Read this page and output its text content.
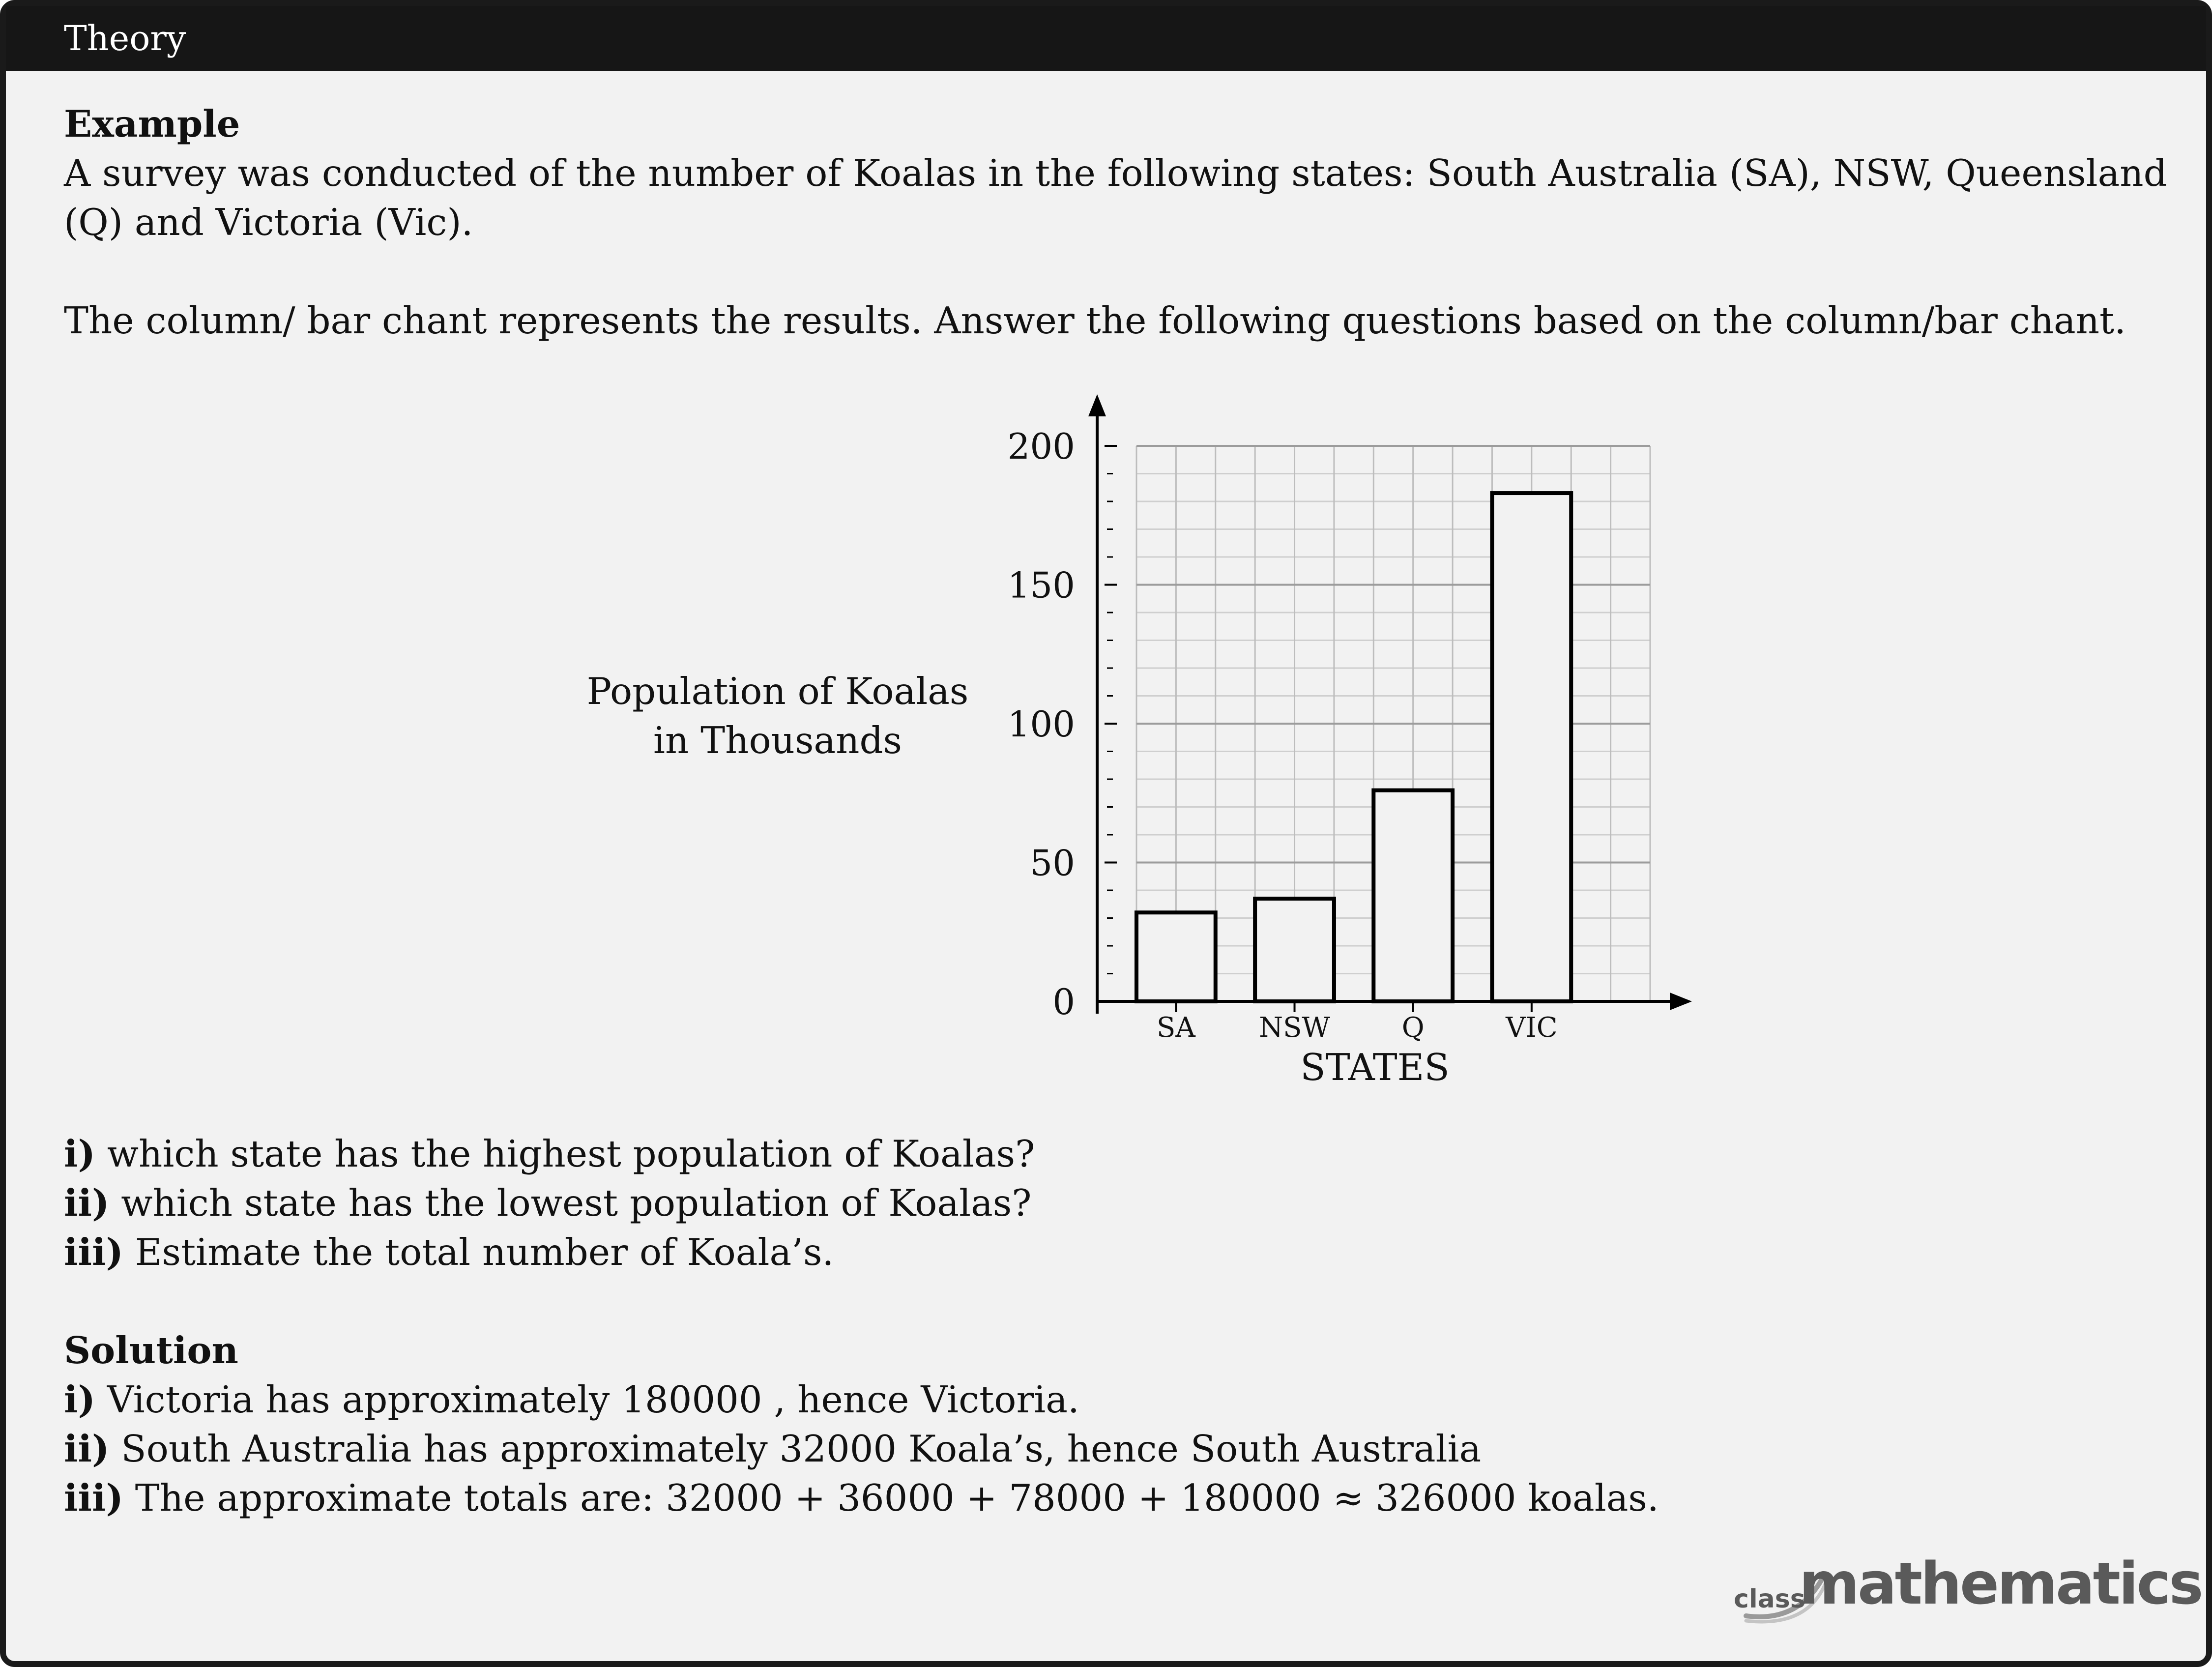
Theory
Example
A survey was conducted of the number of Koalas in the following states: South Australia (SA), NSW, Queensland (Q) and Victoria (Vic).
The column/ bar chant represents the results. Answer the following questions based on the column/bar chant.
0
50
100
150
200
SA NSW	Q	VIC
STATES
Population of Koalas
in Thousands
i) which state has the highest population of Koalas?
ii) which state has the lowest population of Koalas?
iii) Estimate the total number of Koala’s.
Solution
i) Victoria has approximately 180000 , hence Victoria.
ii) South Australia has approximately 32000 Koala’s, hence South Australia
iii) The approximate totals are: 32000 + 36000 + 78000 + 180000 ≈ 326000 koalas.
class
mathematics
